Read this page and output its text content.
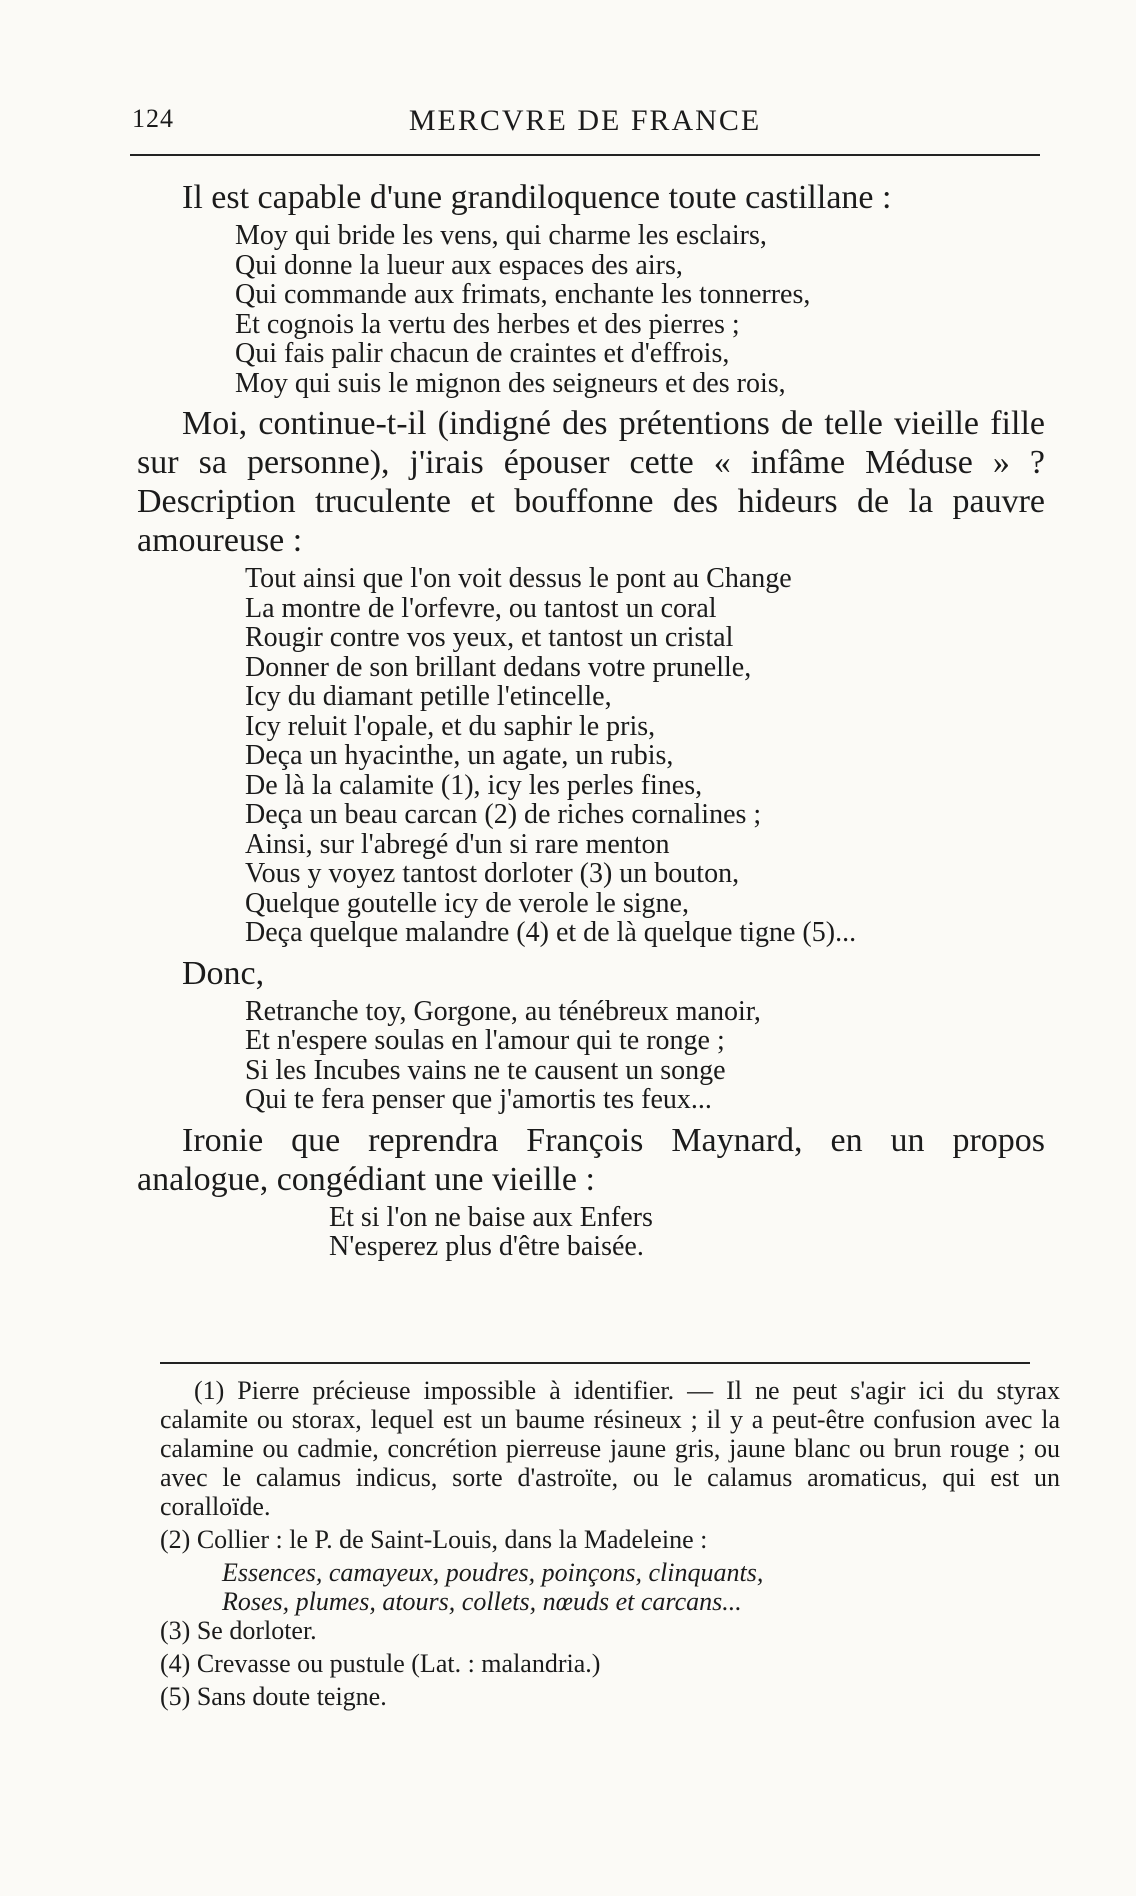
124	MERCVRE DE FRANCE

Il est capable d'une grandiloquence toute castillane :

Moy qui bride les vens, qui charme les esclairs,
Qui donne la lueur aux espaces des airs,
Qui commande aux frimats, enchante les tonnerres,
Et cognois la vertu des herbes et des pierres ;
Qui fais palir chacun de craintes et d'effrois,
Moy qui suis le mignon des seigneurs et des rois,

Moi, continue-t-il (indigné des prétentions de telle vieille fille sur sa personne), j'irais épouser cette « infâme Méduse » ? Description truculente et bouffonne des hideurs de la pauvre amoureuse :

Tout ainsi que l'on voit dessus le pont au Change
La montre de l'orfevre, ou tantost un coral
Rougir contre vos yeux, et tantost un cristal
Donner de son brillant dedans votre prunelle,
Icy du diamant petille l'etincelle,
Icy reluit l'opale, et du saphir le pris,
Deça un hyacinthe, un agate, un rubis,
De là la calamite (1), icy les perles fines,
Deça un beau carcan (2) de riches cornalines ;
Ainsi, sur l'abregé d'un si rare menton
Vous y voyez tantost dorloter (3) un bouton,
Quelque goutelle icy de verole le signe,
Deça quelque malandre (4) et de là quelque tigne (5)...

Donc,

Retranche toy, Gorgone, au ténébreux manoir,
Et n'espere soulas en l'amour qui te ronge ;
Si les Incubes vains ne te causent un songe
Qui te fera penser que j'amortis tes feux...

Ironie que reprendra François Maynard, en un propos analogue, congédiant une vieille :

Et si l'on ne baise aux Enfers
N'esperez plus d'être baisée.

(1) Pierre précieuse impossible à identifier. — Il ne peut s'agir ici du styrax calamite ou storax, lequel est un baume résineux ; il y a peut-être confusion avec la calamine ou cadmie, concrétion pierreuse jaune gris, jaune blanc ou brun rouge ; ou avec le calamus indicus, sorte d'astroïte, ou le calamus aromaticus, qui est un coralloïde.

(2) Collier : le P. de Saint-Louis, dans la Madeleine :

Essences, camayeux, poudres, poinçons, clinquants,
Roses, plumes, atours, collets, nœuds et carcans...

(3) Se dorloter.

(4) Crevasse ou pustule (Lat. : malandria.)

(5) Sans doute teigne.
